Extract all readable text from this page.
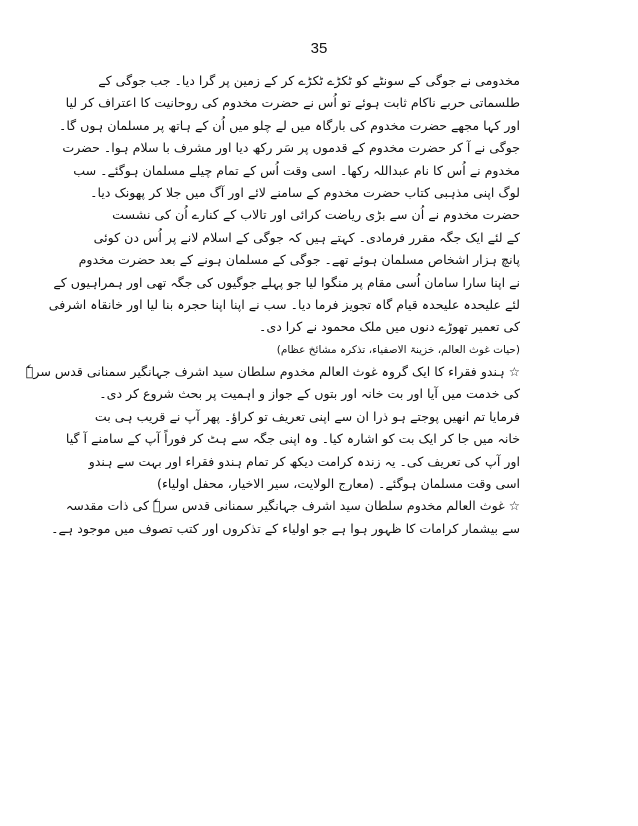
35
مخدومی نے جوگی کے سونٹے کو ٹکڑے ٹکڑے کر کے زمین پر گرا دیا۔ جب جوگی کے
طلسماتی حربے ناکام ثابت ہوئے تو اُس نے حضرت مخدوم کی روحانیت کا اعتراف کر لیا
اور کہا مجھے حضرت مخدوم کی بارگاہ میں لے چلو میں اُن کے ہاتھ پر مسلمان ہوں گا۔
جوگی نے آ کر حضرت مخدوم کے قدموں پر سَر رکھ دیا اور مشرف با سلام ہوا۔ حضرت
مخدوم نے اُس کا نام عبداللہ رکھا۔ اسی وقت اُس کے تمام چیلے مسلمان ہوگئے۔ سب
لوگ اپنی مذہبی کتاب حضرت مخدوم کے سامنے لائے اور آگ میں جلا کر پھونک دیا۔
حضرت مخدوم نے اُن سے بڑی ریاضت کرائی اور تالاب کے کنارے اُن کی نشست
کے لئے ایک جگہ مقرر فرمادی۔ کہتے ہیں کہ جوگی کے اسلام لانے پر اُس دن کوئی
پانچ ہزار اشخاص مسلمان ہوئے تھے۔ جوگی کے مسلمان ہونے کے بعد حضرت مخدوم
نے اپنا سارا سامان اُسی مقام پر منگوا لیا جو پہلے جوگیوں کی جگہ تھی اور ہمراہیوں کے
لئے علیحدہ علیحدہ قیام گاہ تجویز فرما دیا۔ سب نے اپنا اپنا حجرہ بنا لیا اور خانقاہ اشرفی
کی تعمیر تھوڑے دنوں میں ملک محمود نے کرا دی۔
(حیات غوث العالم، خزینۃ الاصفیاء، تذکرہ مشائخ عظام)
☆ ہندو فقراء کا ایک گروہ غوث العالم مخدوم سلطان سید اشرف جہانگیر سمنانی قدس سرہٗ
کی خدمت میں آیا اور بت خانہ اور بتوں کے جواز و اہمیت پر بحث شروع کر دی۔
فرمایا تم انھیں پوجتے ہو ذرا ان سے اپنی تعریف تو کراؤ۔ پھر آپ نے قریب ہی بت
خانہ میں جا کر ایک بت کو اشارہ کیا۔ وہ اپنی جگہ سے ہٹ کر فوراً آپ کے سامنے آ گیا
اور آپ کی تعریف کی۔ یہ زندہ کرامت دیکھ کر تمام ہندو فقراء اور بہت سے ہندو
اسی وقت مسلمان ہوگئے۔ (معارج الولایت، سیر الاخیار، محفل اولیاء)
☆ غوث العالم مخدوم سلطان سید اشرف جہانگیر سمنانی قدس سرہٗ کی ذات مقدسہ
سے بیشمار کرامات کا ظہور ہوا ہے جو اولیاء کے تذکروں اور کتب تصوف میں موجود ہے۔
